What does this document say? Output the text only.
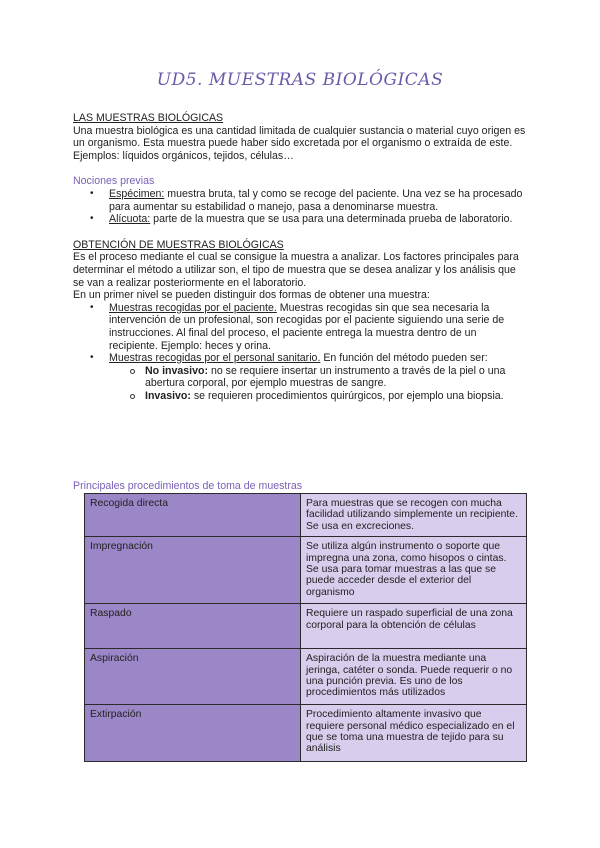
UD5. MUESTRAS BIOLÓGICAS

LAS MUESTRAS BIOLÓGICAS

Una muestra biológica es una cantidad limitada de cualquier sustancia o material cuyo origen es un organismo. Esta muestra puede haber sido excretada por el organismo o extraída de este. Ejemplos: líquidos orgánicos, tejidos, células…

Nociones previas

• Espécimen: muestra bruta, tal y como se recoge del paciente. Una vez se ha procesado para aumentar su estabilidad o manejo, pasa a denominarse muestra.
• Alícuota: parte de la muestra que se usa para una determinada prueba de laboratorio.

OBTENCIÓN DE MUESTRAS BIOLÓGICAS

Es el proceso mediante el cual se consigue la muestra a analizar. Los factores principales para determinar el método a utilizar son, el tipo de muestra que se desea analizar y los análisis que se van a realizar posteriormente en el laboratorio.

En un primer nivel se pueden distinguir dos formas de obtener una muestra:

• Muestras recogidas por el paciente. Muestras recogidas sin que sea necesaria la intervención de un profesional, son recogidas por el paciente siguiendo una serie de instrucciones. Al final del proceso, el paciente entrega la muestra dentro de un recipiente. Ejemplo: heces y orina.
• Muestras recogidas por el personal sanitario. En función del método pueden ser:
No invasivo: no se requiere insertar un instrumento a través de la piel o una abertura corporal, por ejemplo muestras de sangre.
Invasivo: se requieren procedimientos quirúrgicos, por ejemplo una biopsia.
Principales procedimientos de toma de muestras
Recogida directa	Para muestras que se recogen con mucha facilidad utilizando simplemente un recipiente. Se usa en excreciones.
Impregnación	Se utiliza algún instrumento o soporte que impregna una zona, como hisopos o cintas. Se usa para tomar muestras a las que se puede acceder desde el exterior del organismo
Raspado	Requiere un raspado superficial de una zona corporal para la obtención de células
Aspiración	Aspiración de la muestra mediante una jeringa, catéter o sonda. Puede requerir o no una punción previa. Es uno de los procedimientos más utilizados
Extirpación	Procedimiento altamente invasivo que requiere personal médico especializado en el que se toma una muestra de tejido para su análisis
